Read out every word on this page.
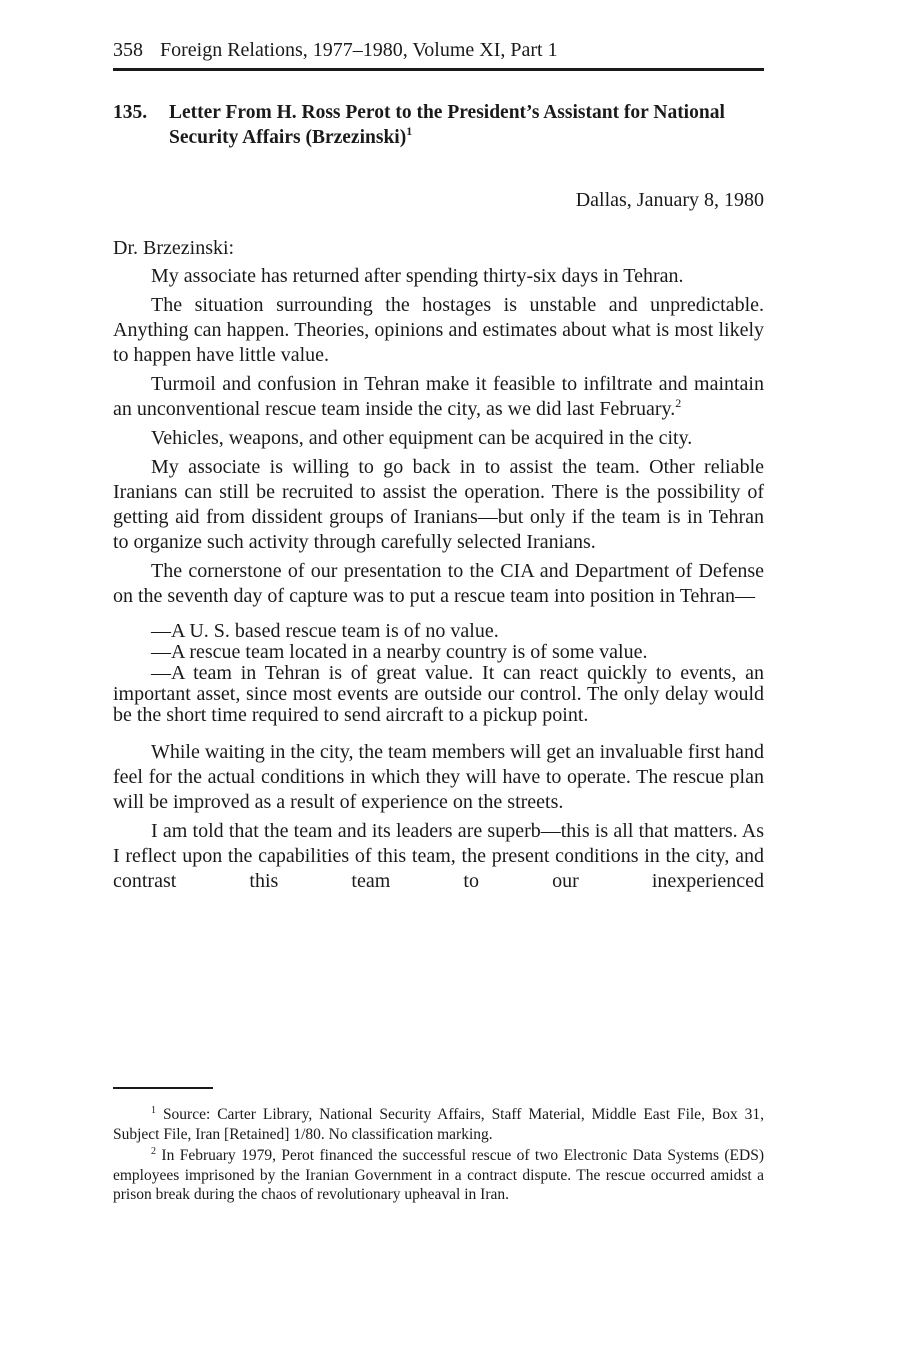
358 Foreign Relations, 1977–1980, Volume XI, Part 1
135. Letter From H. Ross Perot to the President’s Assistant for National Security Affairs (Brzezinski)$^1$
Dallas, January 8, 1980

Dr. Brzezinski:

My associate has returned after spending thirty-six days in Tehran.

The situation surrounding the hostages is unstable and unpredictable. Anything can happen. Theories, opinions and estimates about what is most likely to happen have little value.

Turmoil and confusion in Tehran make it feasible to infiltrate and maintain an unconventional rescue team inside the city, as we did last February.$^2$

Vehicles, weapons, and other equipment can be acquired in the city.

My associate is willing to go back in to assist the team. Other reliable Iranians can still be recruited to assist the operation. There is the possibility of getting aid from dissident groups of Iranians—but only if the team is in Tehran to organize such activity through carefully selected Iranians.

The cornerstone of our presentation to the CIA and Department of Defense on the seventh day of capture was to put a rescue team into position in Tehran—

—A U. S. based rescue team is of no value.

—A rescue team located in a nearby country is of some value.

—A team in Tehran is of great value. It can react quickly to events, an important asset, since most events are outside our control. The only delay would be the short time required to send aircraft to a pickup point.

While waiting in the city, the team members will get an invaluable first hand feel for the actual conditions in which they will have to operate. The rescue plan will be improved as a result of experience on the streets.

I am told that the team and its leaders are superb—this is all that matters. As I reflect upon the capabilities of this team, the present conditions in the city, and contrast this team to our inexperienced

$^1$ Source: Carter Library, National Security Affairs, Staff Material, Middle East File, Box 31, Subject File, Iran [Retained] 1/80. No classification marking.

$^2$ In February 1979, Perot financed the successful rescue of two Electronic Data Systems (EDS) employees imprisoned by the Iranian Government in a contract dispute. The rescue occurred amidst a prison break during the chaos of revolutionary upheaval in Iran.
